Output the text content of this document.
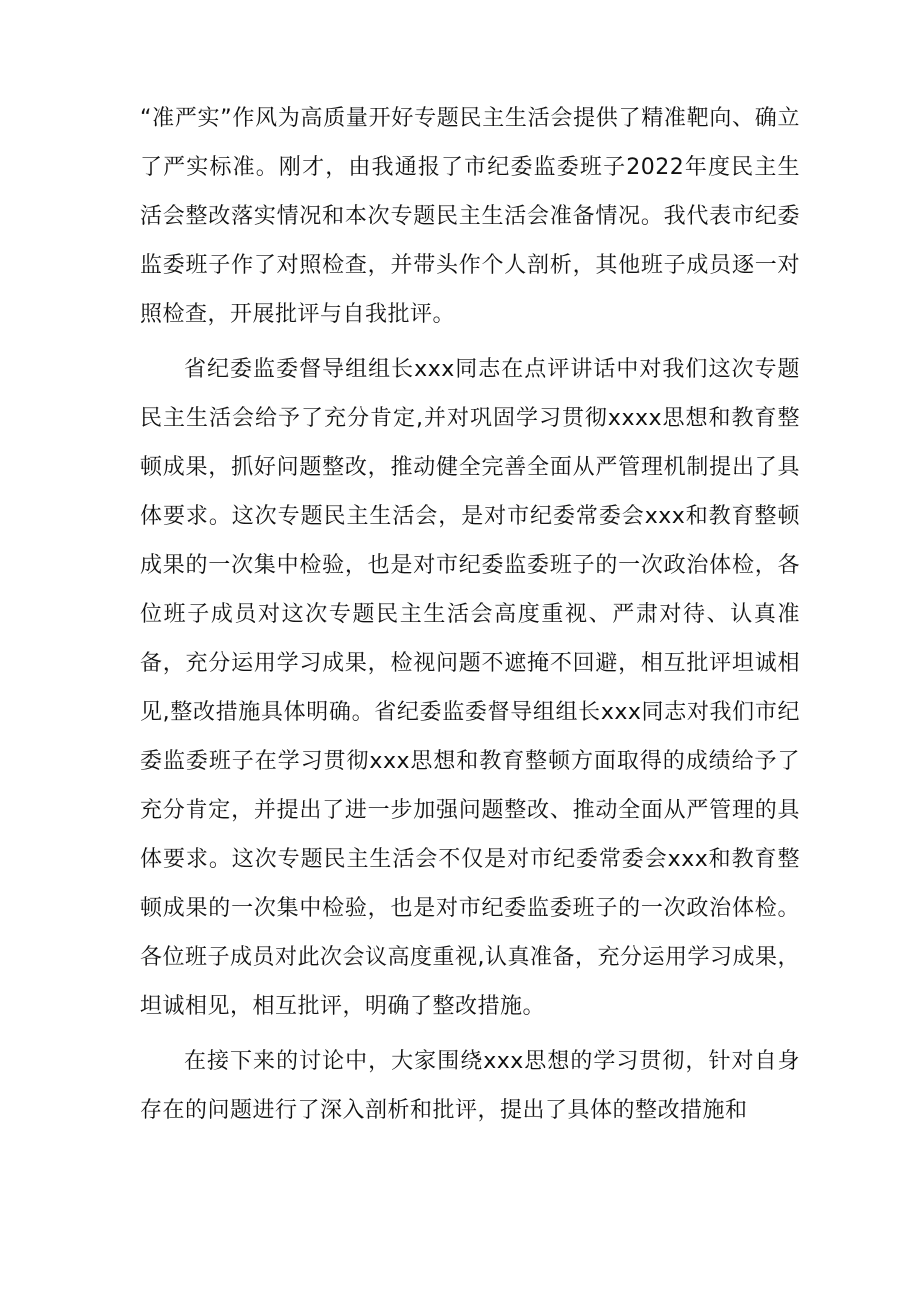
“准严实”作风为高质量开好专题民主生活会提供了精准靶向、确立了严实标准。刚才，由我通报了市纪委监委班子2022年度民主生活会整改落实情况和本次专题民主生活会准备情况。我代表市纪委监委班子作了对照检查，并带头作个人剖析，其他班子成员逐一对照检查，开展批评与自我批评。

省纪委监委督导组组长xxx同志在点评讲话中对我们这次专题民主生活会给予了充分肯定,并对巩固学习贯彻xxxx思想和教育整顿成果，抓好问题整改，推动健全完善全面从严管理机制提出了具体要求。这次专题民主生活会，是对市纪委常委会xxx和教育整顿成果的一次集中检验，也是对市纪委监委班子的一次政治体检，各位班子成员对这次专题民主生活会高度重视、严肃对待、认真准备，充分运用学习成果，检视问题不遮掩不回避，相互批评坦诚相见,整改措施具体明确。省纪委监委督导组组长xxx同志对我们市纪委监委班子在学习贯彻xxx思想和教育整顿方面取得的成绩给予了充分肯定，并提出了进一步加强问题整改、推动全面从严管理的具体要求。这次专题民主生活会不仅是对市纪委常委会xxx和教育整顿成果的一次集中检验，也是对市纪委监委班子的一次政治体检。各位班子成员对此次会议高度重视,认真准备，充分运用学习成果，坦诚相见，相互批评，明确了整改措施。

在接下来的讨论中，大家围绕xxx思想的学习贯彻，针对自身存在的问题进行了深入剖析和批评，提出了具体的整改措施和
